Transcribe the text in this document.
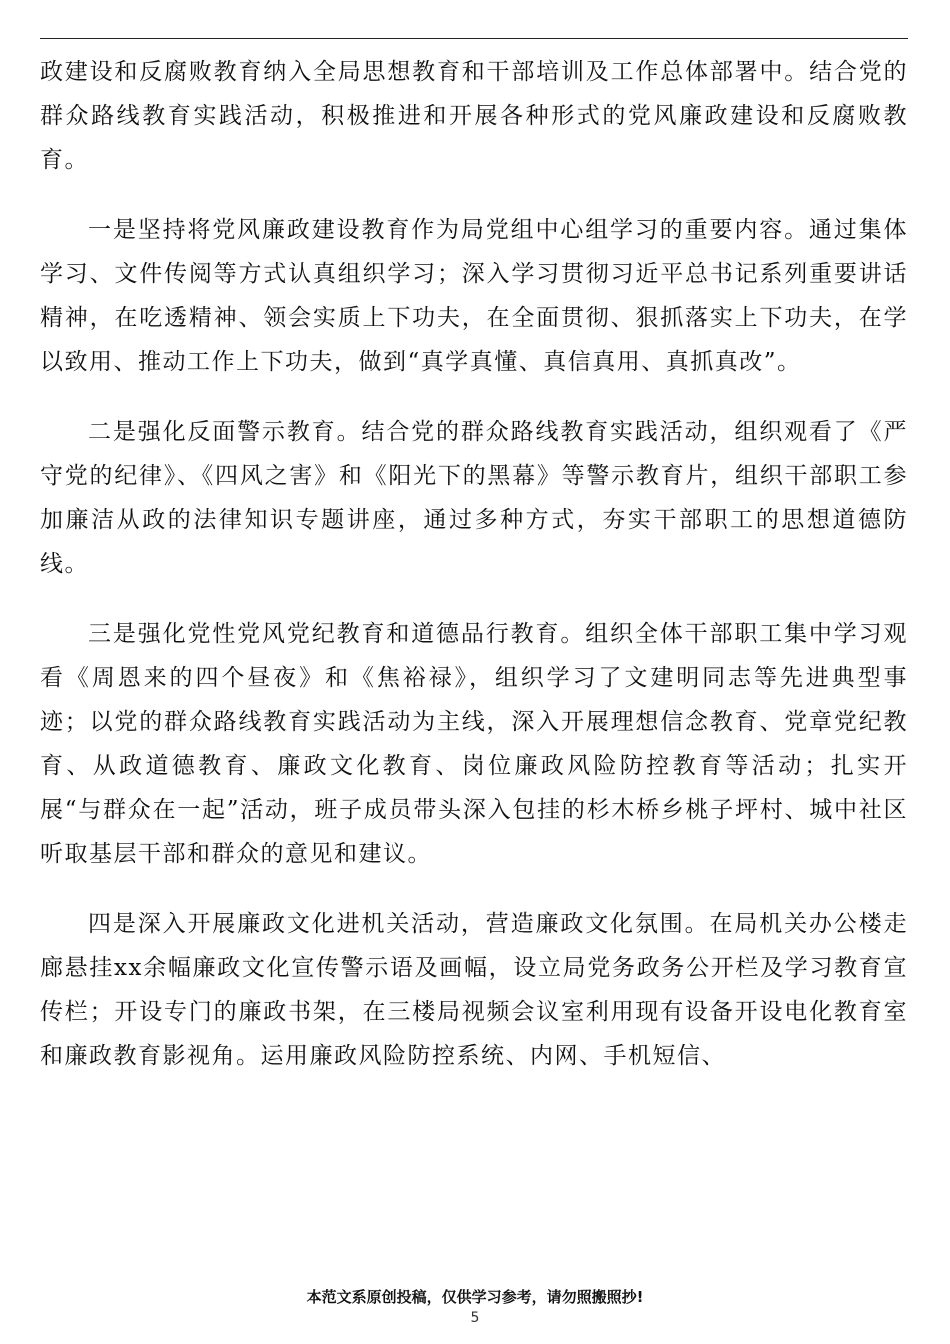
政建设和反腐败教育纳入全局思想教育和干部培训及工作总体部署中。结合党的群众路线教育实践活动，积极推进和开展各种形式的党风廉政建设和反腐败教育。

一是坚持将党风廉政建设教育作为局党组中心组学习的重要内容。通过集体学习、文件传阅等方式认真组织学习；深入学习贯彻习近平总书记系列重要讲话精神，在吃透精神、领会实质上下功夫，在全面贯彻、狠抓落实上下功夫，在学以致用、推动工作上下功夫，做到“真学真懂、真信真用、真抓真改”。

二是强化反面警示教育。结合党的群众路线教育实践活动，组织观看了《严守党的纪律》、《四风之害》和《阳光下的黑幕》等警示教育片，组织干部职工参加廉洁从政的法律知识专题讲座，通过多种方式，夯实干部职工的思想道德防线。

三是强化党性党风党纪教育和道德品行教育。组织全体干部职工集中学习观看《周恩来的四个昼夜》和《焦裕禄》，组织学习了文建明同志等先进典型事迹；以党的群众路线教育实践活动为主线，深入开展理想信念教育、党章党纪教育、从政道德教育、廉政文化教育、岗位廉政风险防控教育等活动；扎实开展“与群众在一起”活动，班子成员带头深入包挂的杉木桥乡桃子坪村、城中社区听取基层干部和群众的意见和建议。

四是深入开展廉政文化进机关活动，营造廉政文化氛围。在局机关办公楼走廊悬挂xx余幅廉政文化宣传警示语及画幅，设立局党务政务公开栏及学习教育宣传栏；开设专门的廉政书架，在三楼局视频会议室利用现有设备开设电化教育室和廉政教育影视角。运用廉政风险防控系统、内网、手机短信、

本范文系原创投稿，仅供学习参考，请勿照搬照抄!
5
